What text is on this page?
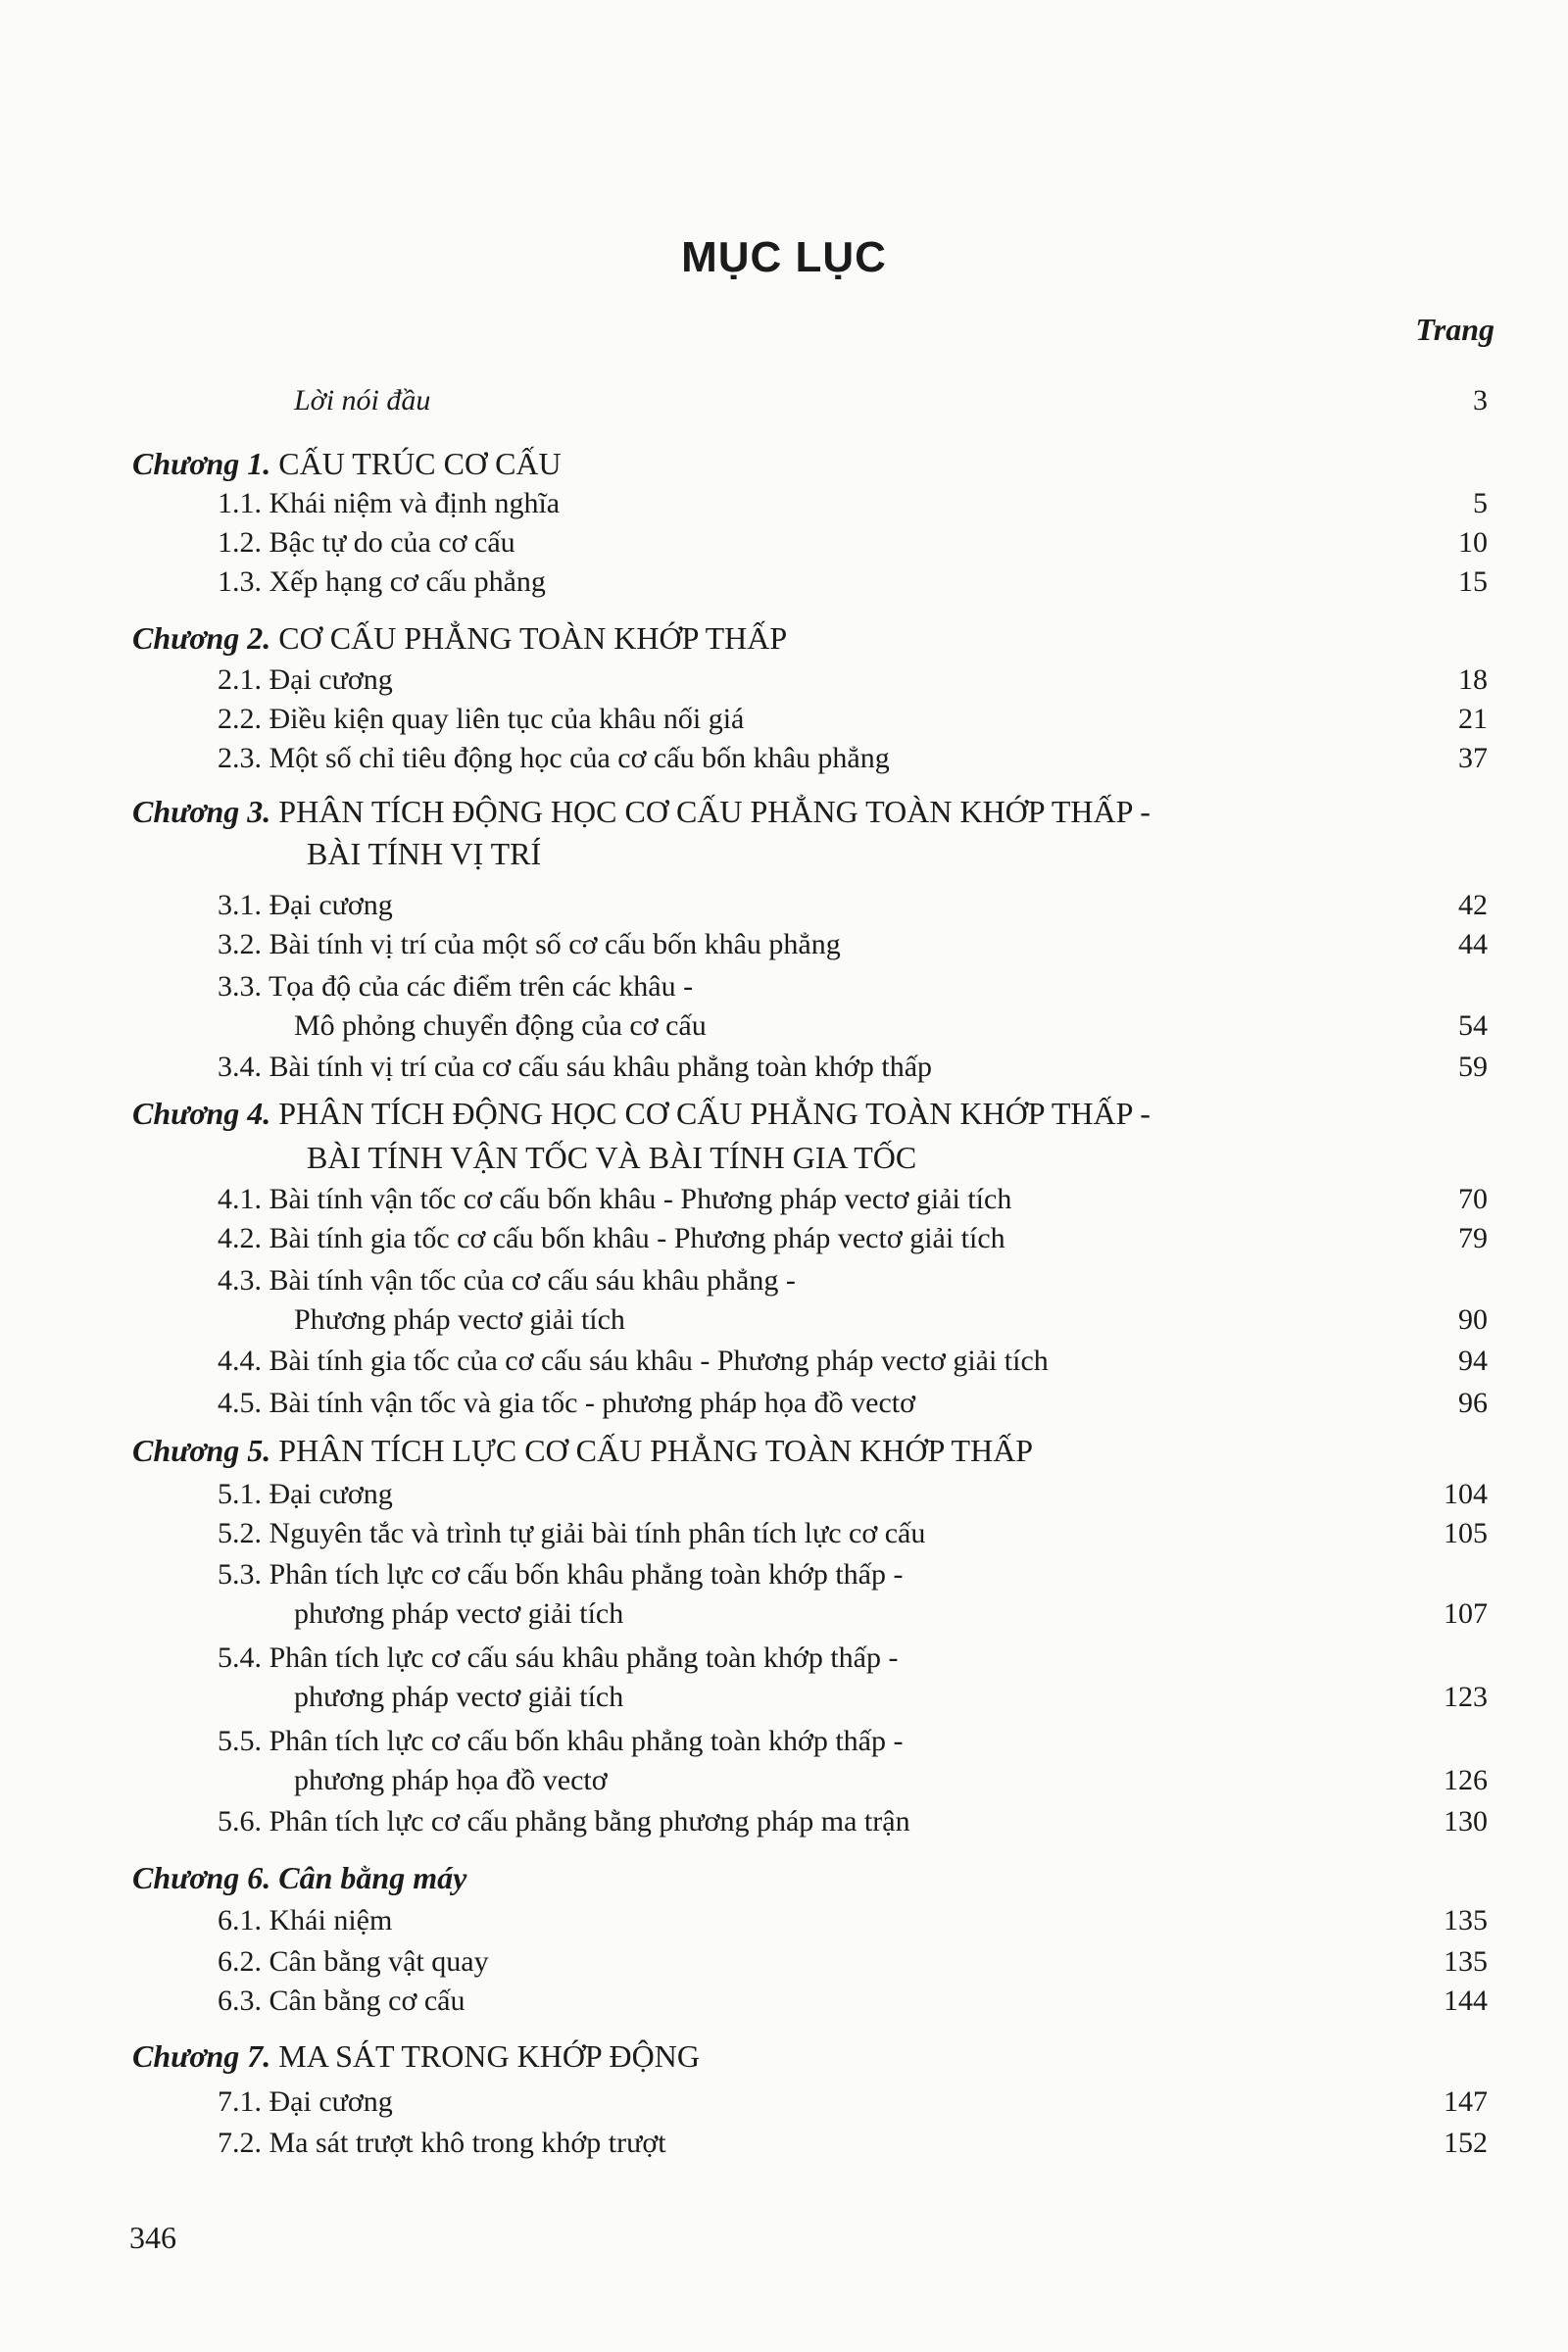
MỤC LỤC
Trang
Lời nói đầu	3
Chương 1. CẤU TRÚC CƠ CẤU
1.1. Khái niệm và định nghĩa	5
1.2. Bậc tự do của cơ cấu	10
1.3. Xếp hạng cơ cấu phẳng	15
Chương 2. CƠ CẤU PHẲNG TOÀN KHỚP THẤP
2.1. Đại cương	18
2.2. Điều kiện quay liên tục của khâu nối giá	21
2.3. Một số chỉ tiêu động học của cơ cấu bốn khâu phẳng	37
Chương 3. PHÂN TÍCH ĐỘNG HỌC CƠ CẤU PHẲNG TOÀN KHỚP THẤP -
BÀI TÍNH VỊ TRÍ
3.1. Đại cương	42
3.2. Bài tính vị trí của một số cơ cấu bốn khâu phẳng	44
3.3. Tọa độ của các điểm trên các khâu -
Mô phỏng chuyển động của cơ cấu	54
3.4. Bài tính vị trí của cơ cấu sáu khâu phẳng toàn khớp thấp	59
Chương 4. PHÂN TÍCH ĐỘNG HỌC CƠ CẤU PHẲNG TOÀN KHỚP THẤP -
BÀI TÍNH VẬN TỐC VÀ BÀI TÍNH GIA TỐC
4.1. Bài tính vận tốc cơ cấu bốn khâu - Phương pháp vectơ giải tích	70
4.2. Bài tính gia tốc cơ cấu bốn khâu - Phương pháp vectơ giải tích	79
4.3. Bài tính vận tốc của cơ cấu sáu khâu phẳng -
Phương pháp vectơ giải tích	90
4.4. Bài tính gia tốc của cơ cấu sáu khâu - Phương pháp vectơ giải tích	94
4.5. Bài tính vận tốc và gia tốc - phương pháp họa đồ vectơ	96
Chương 5. PHÂN TÍCH LỰC CƠ CẤU PHẲNG TOÀN KHỚP THẤP
5.1. Đại cương	104
5.2. Nguyên tắc và trình tự giải bài tính phân tích lực cơ cấu	105
5.3. Phân tích lực cơ cấu bốn khâu phẳng toàn khớp thấp -
phương pháp vectơ giải tích	107
5.4. Phân tích lực cơ cấu sáu khâu phẳng toàn khớp thấp -
phương pháp vectơ giải tích	123
5.5. Phân tích lực cơ cấu bốn khâu phẳng toàn khớp thấp -
phương pháp họa đồ vectơ	126
5.6. Phân tích lực cơ cấu phẳng bằng phương pháp ma trận	130
Chương 6. Cân bằng máy
6.1. Khái niệm	135
6.2. Cân bằng vật quay	135
6.3. Cân bằng cơ cấu	144
Chương 7. MA SÁT TRONG KHỚP ĐỘNG
7.1. Đại cương	147
7.2. Ma sát trượt khô trong khớp trượt	152
346
